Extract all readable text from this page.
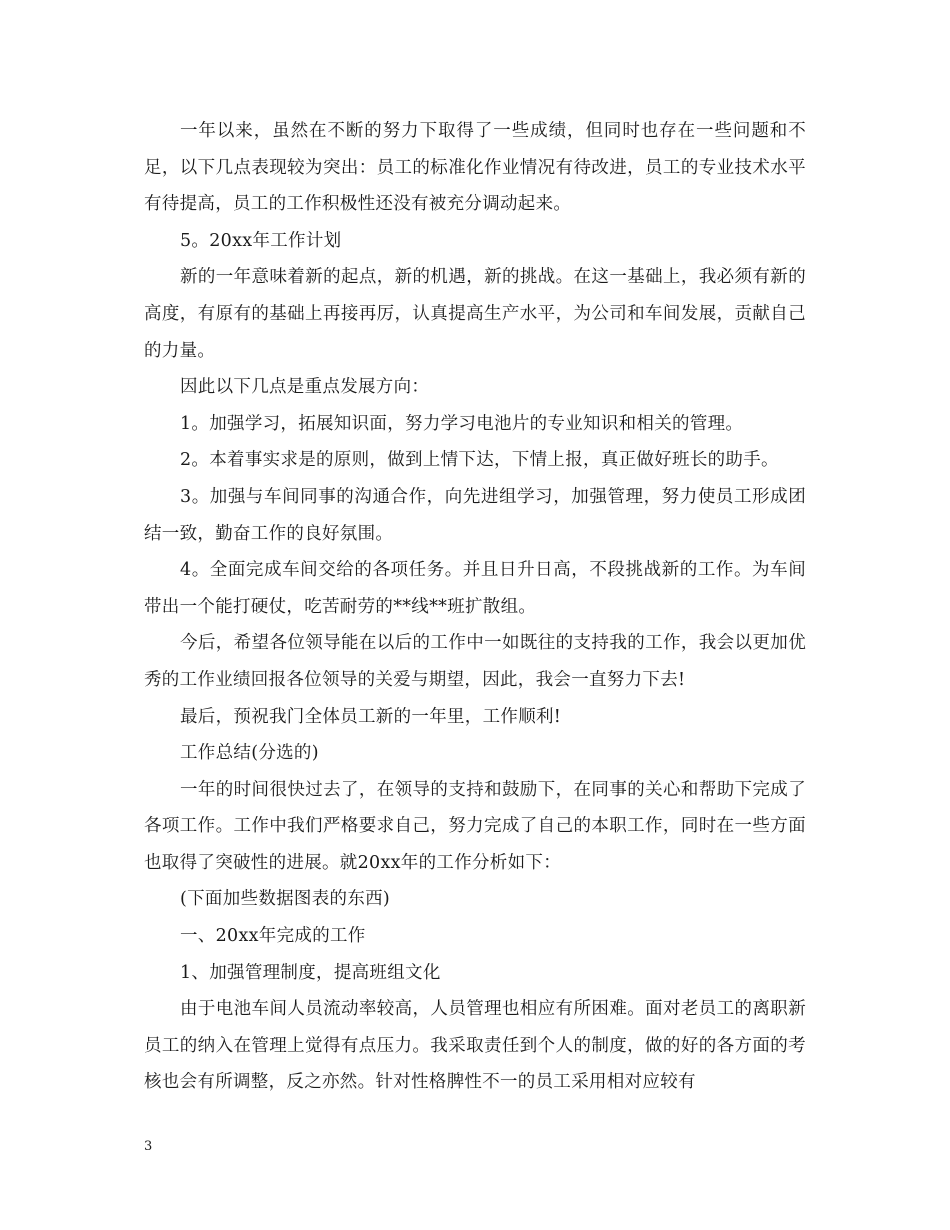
一年以来，虽然在不断的努力下取得了一些成绩，但同时也存在一些问题和不足，以下几点表现较为突出：员工的标准化作业情况有待改进，员工的专业技术水平有待提高，员工的工作积极性还没有被充分调动起来。

5。20xx年工作计划

新的一年意味着新的起点，新的机遇，新的挑战。在这一基础上，我必须有新的高度，有原有的基础上再接再厉，认真提高生产水平，为公司和车间发展，贡献自己的力量。

因此以下几点是重点发展方向：

1。加强学习，拓展知识面，努力学习电池片的专业知识和相关的管理。

2。本着事实求是的原则，做到上情下达，下情上报，真正做好班长的助手。

3。加强与车间同事的沟通合作，向先进组学习，加强管理，努力使员工形成团结一致，勤奋工作的良好氛围。

4。全面完成车间交给的各项任务。并且日升日高，不段挑战新的工作。为车间带出一个能打硬仗，吃苦耐劳的**线**班扩散组。

今后，希望各位领导能在以后的工作中一如既往的支持我的工作，我会以更加优秀的工作业绩回报各位领导的关爱与期望，因此，我会一直努力下去!

最后，预祝我门全体员工新的一年里，工作顺利!

工作总结(分选的)

一年的时间很快过去了，在领导的支持和鼓励下，在同事的关心和帮助下完成了各项工作。工作中我们严格要求自己，努力完成了自己的本职工作，同时在一些方面也取得了突破性的进展。就20xx年的工作分析如下：

(下面加些数据图表的东西)

一、20xx年完成的工作

1、加强管理制度，提高班组文化

由于电池车间人员流动率较高，人员管理也相应有所困难。面对老员工的离职新员工的纳入在管理上觉得有点压力。我采取责任到个人的制度，做的好的各方面的考核也会有所调整，反之亦然。针对性格脾性不一的员工采用相对应较有

3
